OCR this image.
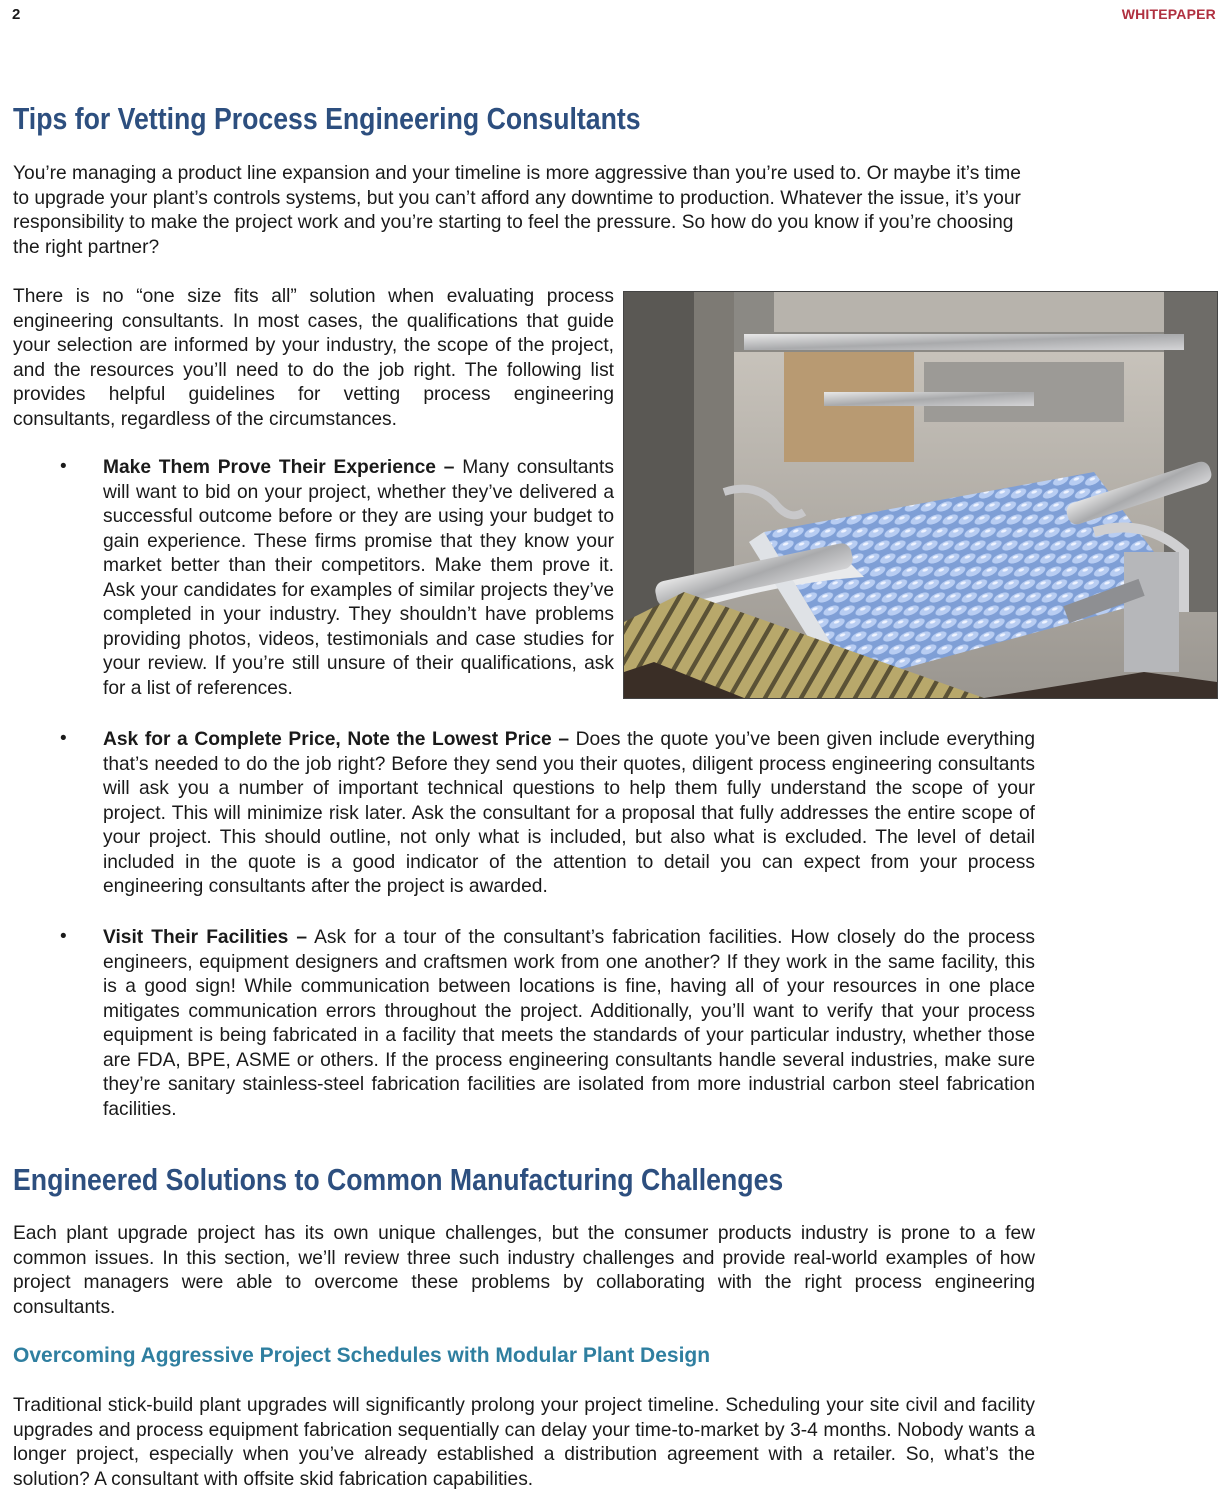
2	WHITEPAPER
Tips for Vetting Process Engineering Consultants

You’re managing a product line expansion and your timeline is more aggressive than you’re used to. Or maybe it’s time to upgrade your plant’s controls systems, but you can’t afford any downtime to production. Whatever the issue, it’s your responsibility to make the project work and you’re starting to feel the pressure. So how do you know if you’re choosing the right partner?

There is no “one size fits all” solution when evaluating process engineering consultants. In most cases, the qualifications that guide your selection are informed by your industry, the scope of the project, and the resources you’ll need to do the job right. The following list provides helpful guidelines for vetting process engineering consultants, regardless of the circumstances.

• Make Them Prove Their Experience – Many consultants will want to bid on your project, whether they’ve delivered a successful outcome before or they are using your budget to gain experience. These firms promise that they know your market better than their competitors. Make them prove it. Ask your candidates for examples of similar projects they’ve completed in your industry. They shouldn’t have problems providing photos, videos, testimonials and case studies for your review. If you’re still unsure of their qualifications, ask for a list of references.

• Ask for a Complete Price, Note the Lowest Price – Does the quote you’ve been given include everything that’s needed to do the job right? Before they send you their quotes, diligent process engineering consultants will ask you a number of important technical questions to help them fully understand the scope of your project. This will minimize risk later. Ask the consultant for a proposal that fully addresses the entire scope of your project. This should outline, not only what is included, but also what is excluded. The level of detail included in the quote is a good indicator of the attention to detail you can expect from your process engineering consultants after the project is awarded.

• Visit Their Facilities – Ask for a tour of the consultant’s fabrication facilities. How closely do the process engineers, equipment designers and craftsmen work from one another? If they work in the same facility, this is a good sign! While communication between locations is fine, having all of your resources in one place mitigates communication errors throughout the project. Additionally, you’ll want to verify that your process equipment is being fabricated in a facility that meets the standards of your particular industry, whether those are FDA, BPE, ASME or others. If the process engineering consultants handle several industries, make sure they’re sanitary stainless-steel fabrication facilities are isolated from more industrial carbon steel fabrication facilities.

Engineered Solutions to Common Manufacturing Challenges

Each plant upgrade project has its own unique challenges, but the consumer products industry is prone to a few common issues. In this section, we’ll review three such industry challenges and provide real-world examples of how project managers were able to overcome these problems by collaborating with the right process engineering consultants.

Overcoming Aggressive Project Schedules with Modular Plant Design

Traditional stick-build plant upgrades will significantly prolong your project timeline. Scheduling your site civil and facility upgrades and process equipment fabrication sequentially can delay your time-to-market by 3-4 months. Nobody wants a longer project, especially when you’ve already established a distribution agreement with a retailer. So, what’s the solution? A consultant with offsite skid fabrication capabilities.
